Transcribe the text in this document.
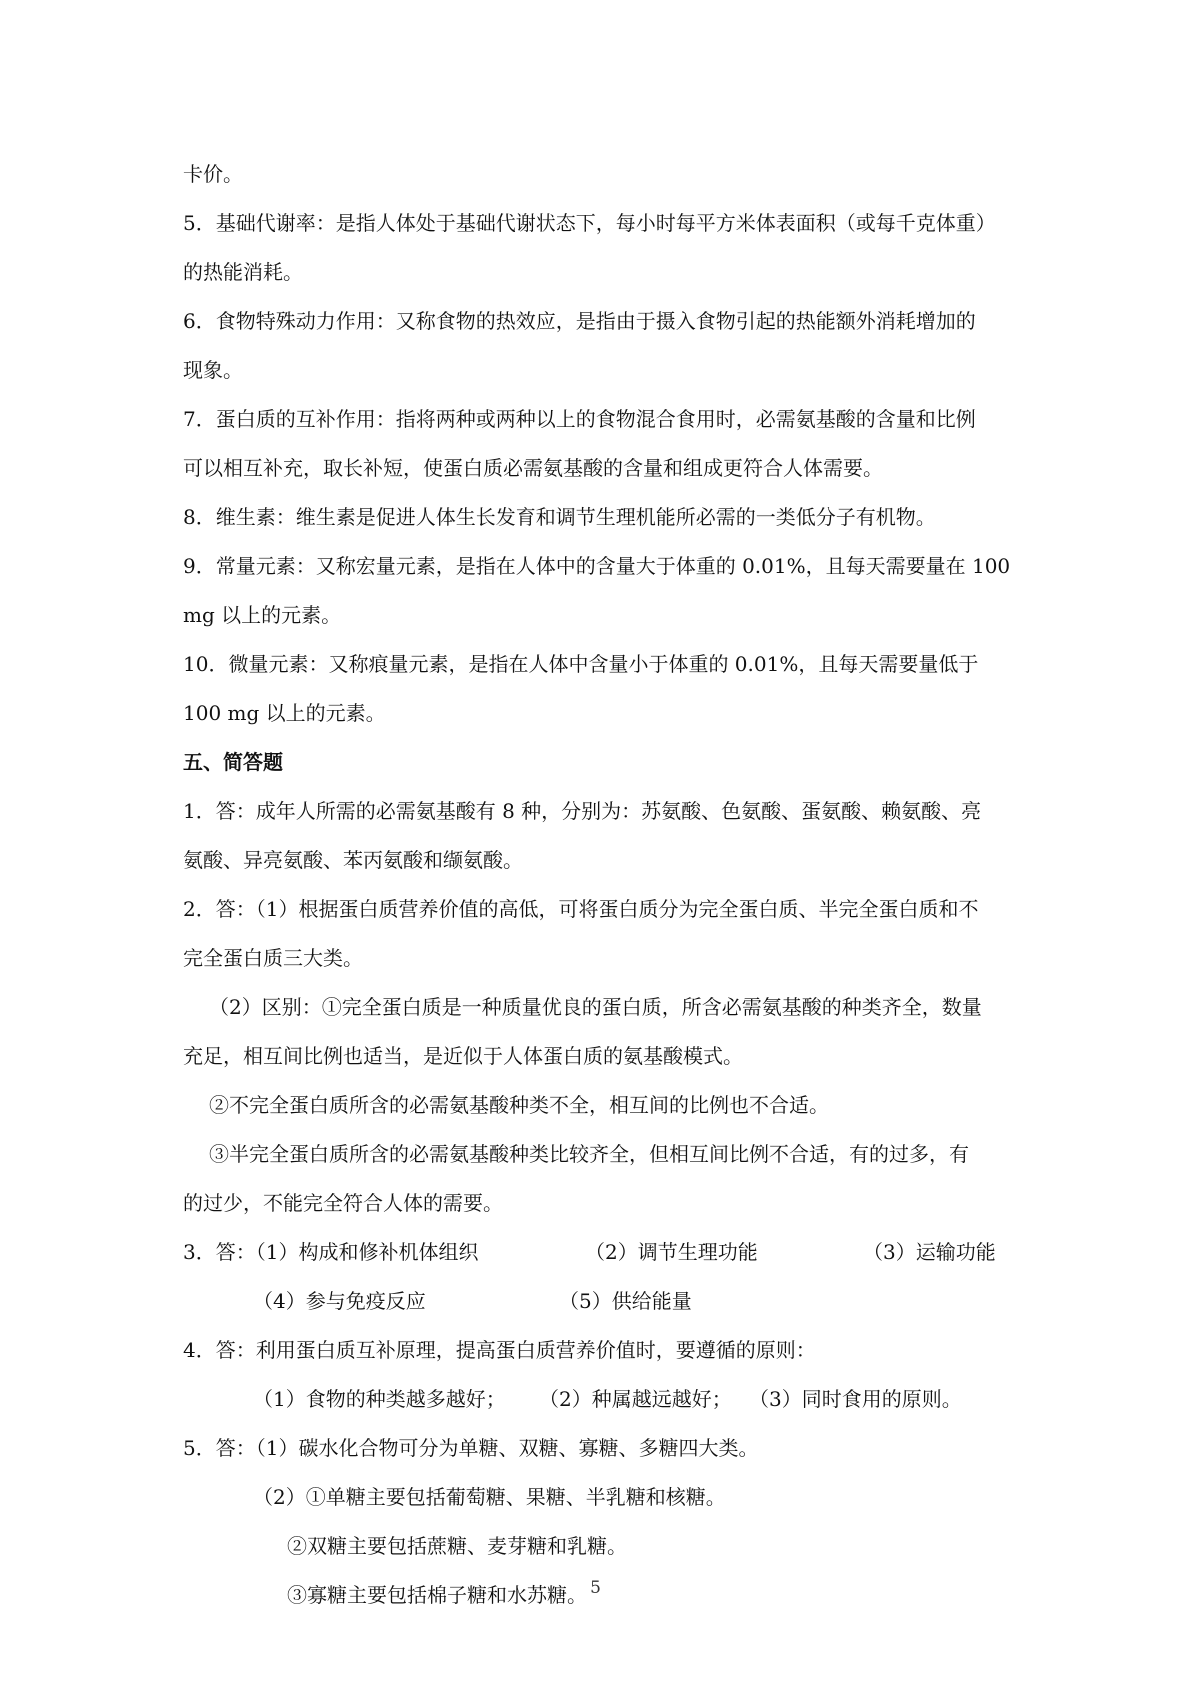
卡价。

5．基础代谢率：是指人体处于基础代谢状态下，每小时每平方米体表面积（或每千克体重）

的热能消耗。

6．食物特殊动力作用：又称食物的热效应，是指由于摄入食物引起的热能额外消耗增加的

现象。

7．蛋白质的互补作用：指将两种或两种以上的食物混合食用时，必需氨基酸的含量和比例

可以相互补充，取长补短，使蛋白质必需氨基酸的含量和组成更符合人体需要。

8．维生素：维生素是促进人体生长发育和调节生理机能所必需的一类低分子有机物。

9．常量元素：又称宏量元素，是指在人体中的含量大于体重的 0.01%，且每天需要量在 100

mg 以上的元素。

10．微量元素：又称痕量元素，是指在人体中含量小于体重的 0.01%，且每天需要量低于

100 mg 以上的元素。

五、简答题

1．答：成年人所需的必需氨基酸有 8 种，分别为：苏氨酸、色氨酸、蛋氨酸、赖氨酸、亮

氨酸、异亮氨酸、苯丙氨酸和缬氨酸。

2．答：（1）根据蛋白质营养价值的高低，可将蛋白质分为完全蛋白质、半完全蛋白质和不

完全蛋白质三大类。

（2）区别：①完全蛋白质是一种质量优良的蛋白质，所含必需氨基酸的种类齐全，数量

充足，相互间比例也适当，是近似于人体蛋白质的氨基酸模式。

②不完全蛋白质所含的必需氨基酸种类不全，相互间的比例也不合适。

③半完全蛋白质所含的必需氨基酸种类比较齐全，但相互间比例不合适，有的过多，有

的过少，不能完全符合人体的需要。

3．答：（1）构成和修补机体组织	（2）调节生理功能	（3）运输功能

（4）参与免疫反应	（5）供给能量

4．答：利用蛋白质互补原理，提高蛋白质营养价值时，要遵循的原则：

（1）食物的种类越多越好；	（2）种属越远越好； （3）同时食用的原则。

5．答：（1）碳水化合物可分为单糖、双糖、寡糖、多糖四大类。

（2）①单糖主要包括葡萄糖、果糖、半乳糖和核糖。

②双糖主要包括蔗糖、麦芽糖和乳糖。

③寡糖主要包括棉子糖和水苏糖。 5
